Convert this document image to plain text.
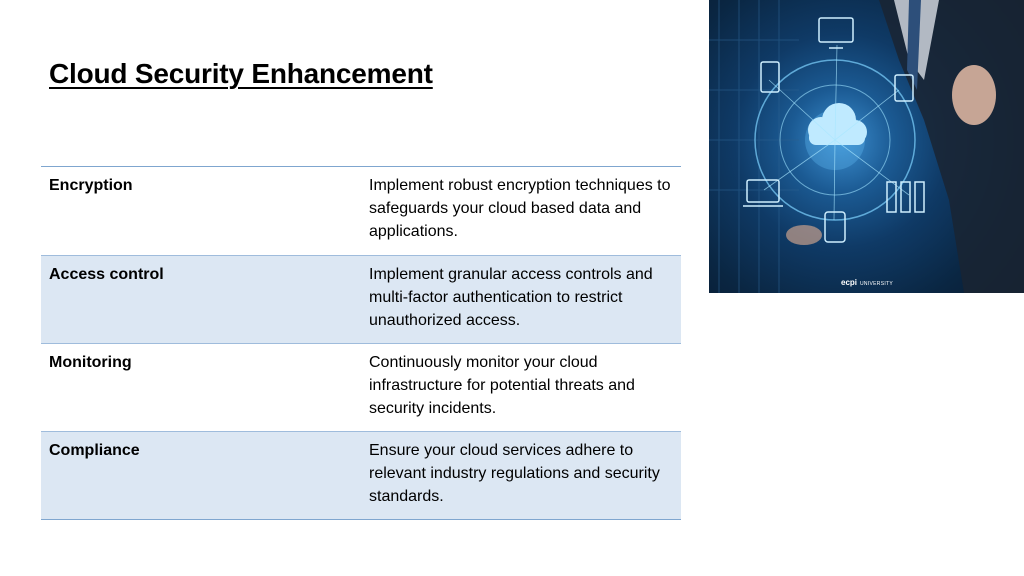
Cloud Security Enhancement
Encryption	Implement robust encryption techniques to safeguards your cloud based data and applications.
Access control	Implement granular access controls and multi-factor authentication to restrict unauthorized access.
Monitoring	Continuously monitor your cloud infrastructure for potential threats and security incidents.
Compliance	Ensure your cloud services adhere to relevant industry regulations and security standards.
ecpi UNIVERSITY
